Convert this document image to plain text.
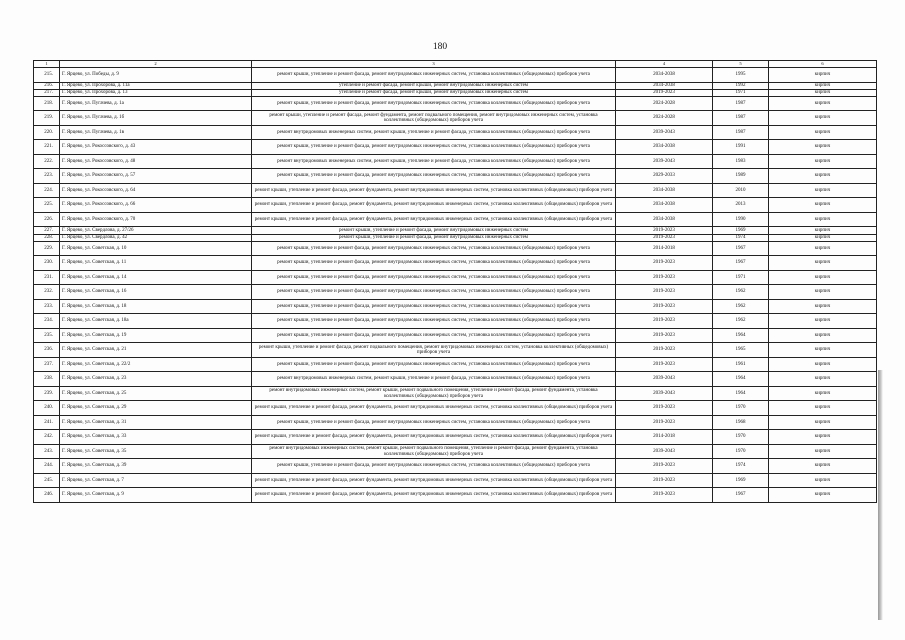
180
1	2	3	4	5	6
215.	Г. Ярцево, ул. Победы, д. 9	ремонт крыши, утепление и ремонт фасада, ремонт внутридомовых инженерных систем, установка коллективных (общедомовых) приборов учета	2034-2038	1995	кирпич
216.	Г. Ярцево, ул. Прохорова, д. 11а	утепление и ремонт фасада, ремонт крыши, ремонт внутридомовых инженерных систем	2034-2038	1992	кирпич
217.	Г. Ярцево, ул. Прохорова, д. 13	утепление и ремонт фасада, ремонт крыши, ремонт внутридомовых инженерных систем	2019-2023	1971	кирпич
218.	Г. Ярцево, ул. Пугачева, д. 1а	ремонт крыши, утепление и ремонт фасада, ремонт внутридомовых инженерных систем, установка коллективных (общедомовых) приборов учета	2024-2028	1987	кирпич
219.	Г. Ярцево, ул. Пугачева, д. 1б	ремонт крыши, утепление и ремонт фасада, ремонт фундамента, ремонт подвального помещения, ремонт внутридомовых инженерных систем, установка коллективных (общедомовых) приборов учета	2024-2028	1987	кирпич
220.	Г. Ярцево, ул. Пугачева, д. 1в	ремонт внутридомовых инженерных систем, ремонт крыши, утепление и ремонт фасада, установка коллективных (общедомовых) приборов учета	2039-2043	1987	кирпич
221.	Г. Ярцево, ул. Рокоссовского, д. 43	ремонт крыши, утепление и ремонт фасада, ремонт внутридомовых инженерных систем, установка коллективных (общедомовых) приборов учета	2034-2038	1991	кирпич
222.	Г. Ярцево, ул. Рокоссовского, д. 48	ремонт внутридомовых инженерных систем, ремонт крыши, утепление и ремонт фасада, установка коллективных (общедомовых) приборов учета	2039-2043	1983	кирпич
223.	Г. Ярцево, ул. Рокоссовского, д. 57	ремонт крыши, утепление и ремонт фасада, ремонт внутридомовых инженерных систем, установка коллективных (общедомовых) приборов учета	2029-2033	1989	кирпич
224.	Г. Ярцево, ул. Рокоссовского, д. 64	ремонт крыши, утепление и ремонт фасада, ремонт фундамента, ремонт внутридомовых инженерных систем, установка коллективных (общедомовых) приборов учета	2034-2038	2010	кирпич
225.	Г. Ярцево, ул. Рокоссовского, д. 66	ремонт крыши, утепление и ремонт фасада, ремонт фундамента, ремонт внутридомовых инженерных систем, установка коллективных (общедомовых) приборов учета	2034-2038	2013	кирпич
226.	Г. Ярцево, ул. Рокоссовского, д. 70	ремонт крыши, утепление и ремонт фасада, ремонт фундамента, ремонт внутридомовых инженерных систем, установка коллективных (общедомовых) приборов учета	2034-2038	1990	кирпич
227.	Г. Ярцево, ул. Свердлова, д. 27/26	ремонт крыши, утепление и ремонт фасада, ремонт внутридомовых инженерных систем	2019-2023	1969	кирпич
228.	Г. Ярцево, ул. Свердлова, д. 42	ремонт крыши, утепление и ремонт фасада, ремонт внутридомовых инженерных систем	2019-2023	1974	кирпич
229.	Г. Ярцево, ул. Советская, д. 10	ремонт крыши, утепление и ремонт фасада, ремонт внутридомовых инженерных систем, установка коллективных (общедомовых) приборов учета	2014-2018	1967	кирпич
230.	Г. Ярцево, ул. Советская, д. 11	ремонт крыши, утепление и ремонт фасада, ремонт внутридомовых инженерных систем, установка коллективных (общедомовых) приборов учета	2019-2023	1967	кирпич
231.	Г. Ярцево, ул. Советская, д. 14	ремонт крыши, утепление и ремонт фасада, ремонт внутридомовых инженерных систем, установка коллективных (общедомовых) приборов учета	2019-2023	1971	кирпич
232.	Г. Ярцево, ул. Советская, д. 16	ремонт крыши, утепление и ремонт фасада, ремонт внутридомовых инженерных систем, установка коллективных (общедомовых) приборов учета	2019-2023	1962	кирпич
233.	Г. Ярцево, ул. Советская, д. 18	ремонт крыши, утепление и ремонт фасада, ремонт внутридомовых инженерных систем, установка коллективных (общедомовых) приборов учета	2019-2023	1962	кирпич
234.	Г. Ярцево, ул. Советская, д. 18а	ремонт крыши, утепление и ремонт фасада, ремонт внутридомовых инженерных систем, установка коллективных (общедомовых) приборов учета	2019-2023	1962	кирпич
235.	Г. Ярцево, ул. Советская, д. 19	ремонт крыши, утепление и ремонт фасада, ремонт внутридомовых инженерных систем, установка коллективных (общедомовых) приборов учета	2019-2023	1964	кирпич
236.	Г. Ярцево, ул. Советская, д. 21	ремонт крыши, утепление и ремонт фасада, ремонт подвального помещения, ремонт внутридомовых инженерных систем, установка коллективных (общедомовых) приборов учета	2019-2023	1965	кирпич
237.	Г. Ярцево, ул. Советская, д. 22/2	ремонт крыши, утепление и ремонт фасада, ремонт внутридомовых инженерных систем, установка коллективных (общедомовых) приборов учета	2019-2023	1961	кирпич
238.	Г. Ярцево, ул. Советская, д. 23	ремонт внутридомовых инженерных систем, ремонт крыши, утепление и ремонт фасада, установка коллективных (общедомовых) приборов учета	2039-2043	1964	кирпич
239.	Г. Ярцево, ул. Советская, д. 25	ремонт внутридомовых инженерных систем, ремонт крыши, ремонт подвального помещения, утепление и ремонт фасада, ремонт фундамента, установка коллективных (общедомовых) приборов учета	2039-2043	1964	кирпич
240.	Г. Ярцево, ул. Советская, д. 29	ремонт крыши, утепление и ремонт фасада, ремонт фундамента, ремонт внутридомовых инженерных систем, установка коллективных (общедомовых) приборов учета	2019-2023	1970	кирпич
241.	Г. Ярцево, ул. Советская, д. 31	ремонт крыши, утепление и ремонт фасада, ремонт внутридомовых инженерных систем, установка коллективных (общедомовых) приборов учета	2019-2023	1968	кирпич
242.	Г. Ярцево, ул. Советская, д. 33	ремонт крыши, утепление и ремонт фасада, ремонт фундамента, ремонт внутридомовых инженерных систем, установка коллективных (общедомовых) приборов учета	2014-2018	1970	кирпич
243.	Г. Ярцево, ул. Советская, д. 35	ремонт внутридомовых инженерных систем, ремонт крыши, ремонт подвального помещения, утепление и ремонт фасада, ремонт фундамента, установка коллективных (общедомовых) приборов учета	2039-2043	1970	кирпич
244.	Г. Ярцево, ул. Советская, д. 39	ремонт крыши, утепление и ремонт фасада, ремонт внутридомовых инженерных систем, установка коллективных (общедомовых) приборов учета	2019-2023	1974	кирпич
245.	Г. Ярцево, ул. Советская, д. 7	ремонт крыши, утепление и ремонт фасада, ремонт фундамента, ремонт внутридомовых инженерных систем, установка коллективных (общедомовых) приборов учета	2019-2023	1969	кирпич
246.	Г. Ярцево, ул. Советская, д. 9	ремонт крыши, утепление и ремонт фасада, ремонт фундамента, ремонт внутридомовых инженерных систем, установка коллективных (общедомовых) приборов учета	2019-2023	1967	кирпич
